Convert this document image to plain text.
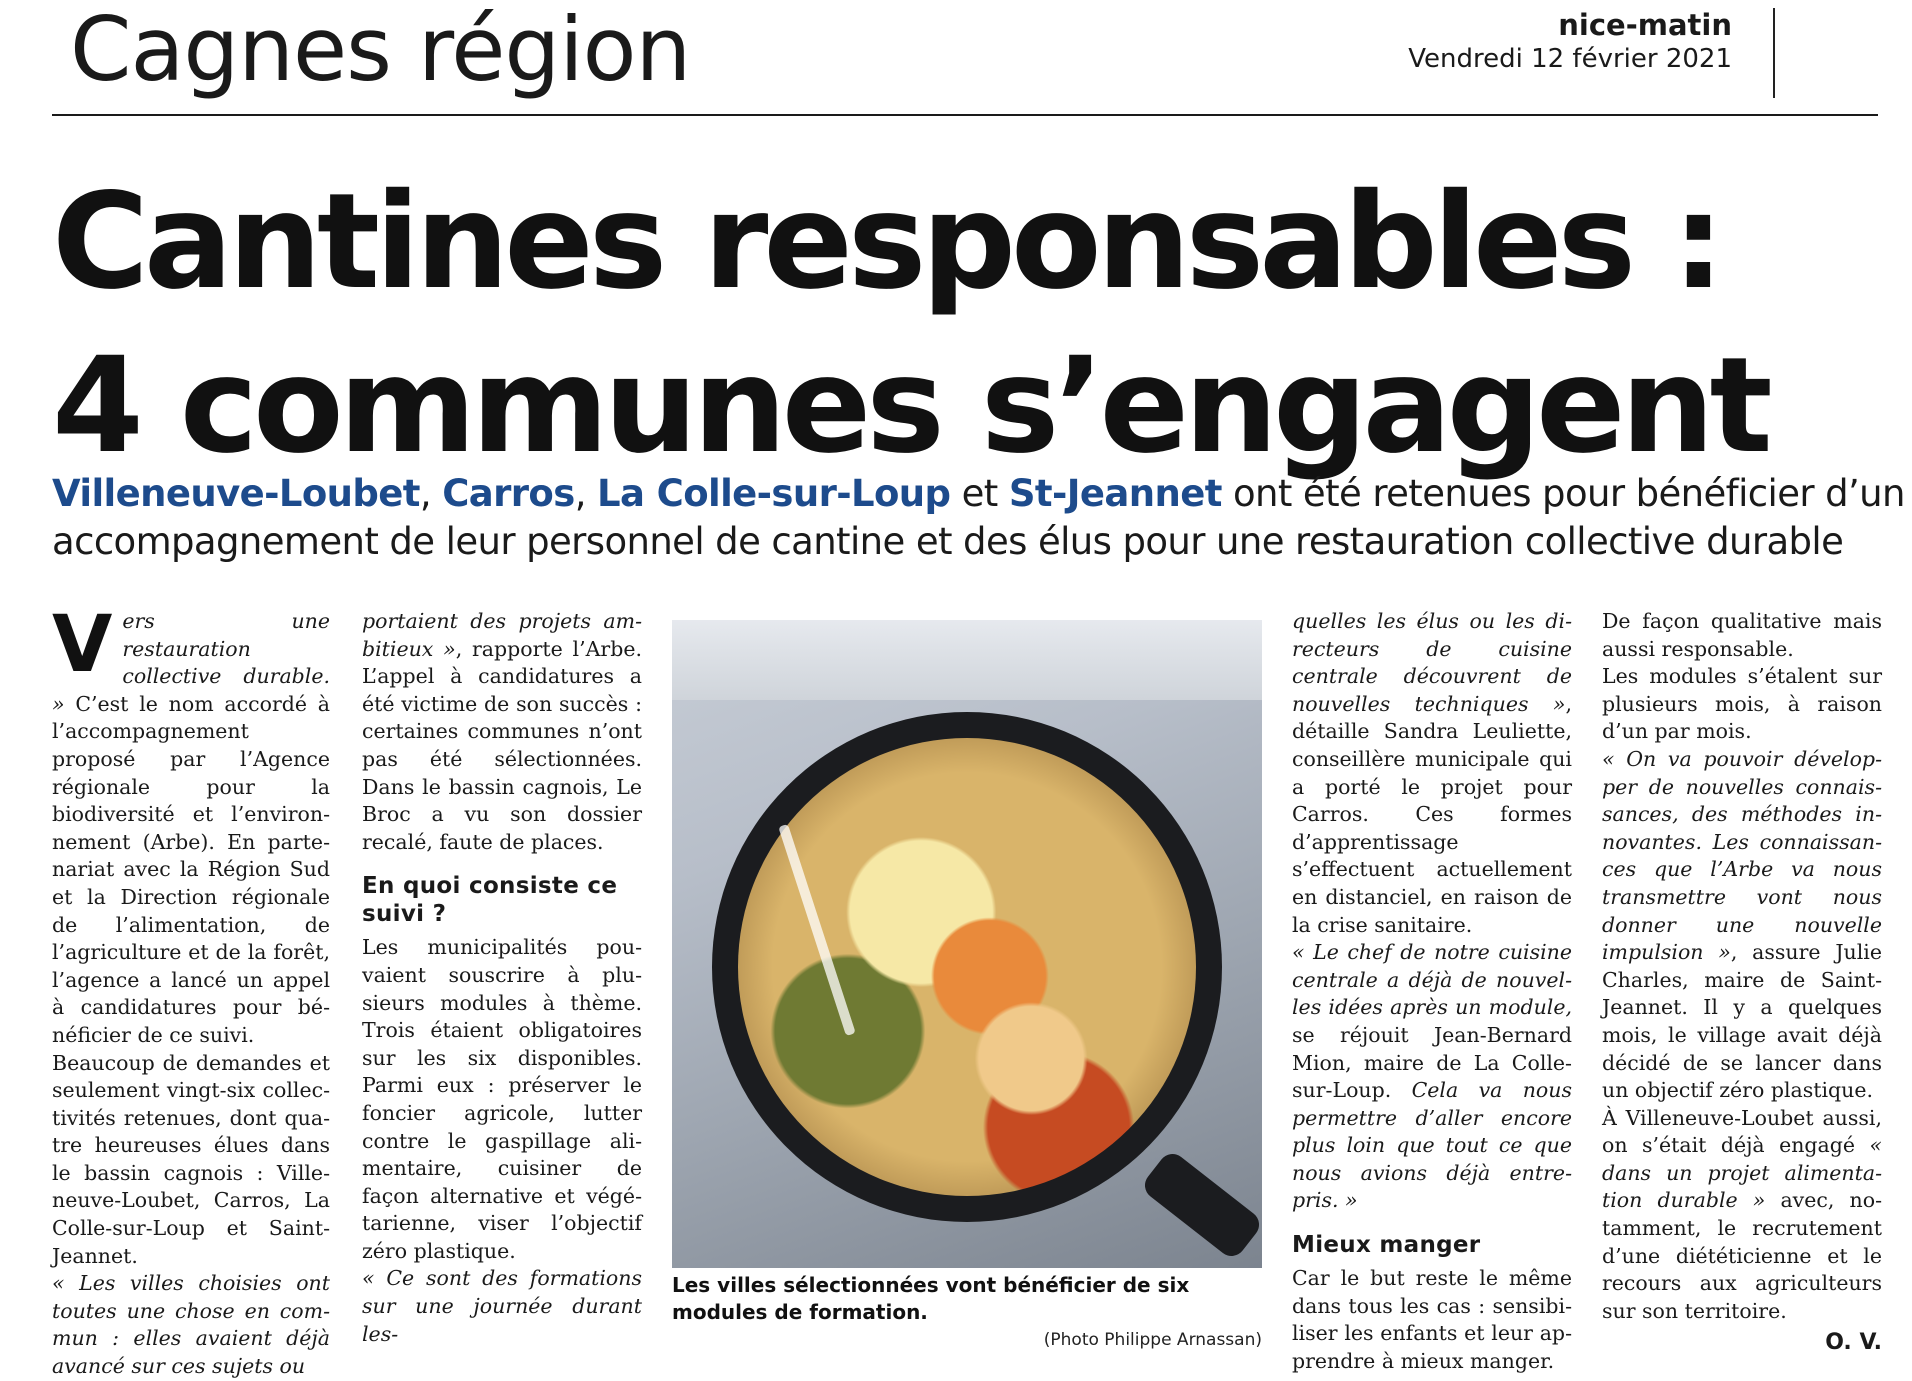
Cagnes région	nice-matin
Vendredi 12 février 2021
Cantines responsables :
4 communes s’engagent
Villeneuve-Loubet, Carros, La Colle-sur-Loup et St-Jeannet ont été retenues pour bénéficier d’un
accompagnement de leur personnel de cantine et des élus pour une restauration collective durable

Vers une restauration collective durable. » C’est le nom accordé à l’accompagnement proposé par l’Agence régionale pour la biodiversité et l’environnement (Arbe). En partenariat avec la Région Sud et la Direction régionale de l’alimentation, de l’agriculture et de la forêt, l’agence a lancé un appel à candidatures pour bénéficier de ce suivi.

Beaucoup de demandes et seulement vingt-six collectivités retenues, dont quatre heureuses élues dans le bassin cagnois : Villeneuve-Loubet, Carros, La Colle-sur-Loup et Saint-Jeannet.

« Les villes choisies ont toutes une chose en commun : elles avaient déjà avancé sur ces sujets ou

portaient des projets ambitieux », rapporte l’Arbe. L’appel à candidatures a été victime de son succès : certaines communes n’ont pas été sélectionnées. Dans le bassin cagnois, Le Broc a vu son dossier recalé, faute de places.

En quoi consiste ce suivi ?

Les municipalités pouvaient souscrire à plusieurs modules à thème. Trois étaient obligatoires sur les six disponibles. Parmi eux : préserver le foncier agricole, lutter contre le gaspillage alimentaire, cuisiner de façon alternative et végétarienne, viser l’objectif zéro plastique.

« Ce sont des formations sur une journée durant les-

Les villes sélectionnées vont bénéficier de six modules de formation.
(Photo Philippe Arnassan)

quelles les élus ou les directeurs de cuisine centrale découvrent de nouvelles techniques », détaille Sandra Leuliette, conseillère municipale qui a porté le projet pour Carros. Ces formes d’apprentissage s’effectuent actuellement en distanciel, en raison de la crise sanitaire.

« Le chef de notre cuisine centrale a déjà de nouvelles idées après un module, se réjouit Jean-Bernard Mion, maire de La Colle-sur-Loup. Cela va nous permettre d’aller encore plus loin que tout ce que nous avions déjà entrepris. »

Mieux manger

Car le but reste le même dans tous les cas : sensibiliser les enfants et leur apprendre à mieux manger.

De façon qualitative mais aussi responsable.

Les modules s’étalent sur plusieurs mois, à raison d’un par mois.

« On va pouvoir développer de nouvelles connaissances, des méthodes innovantes. Les connaissances que l’Arbe va nous transmettre vont nous donner une nouvelle impulsion », assure Julie Charles, maire de Saint-Jeannet. Il y a quelques mois, le village avait déjà décidé de se lancer dans un objectif zéro plastique.

À Villeneuve-Loubet aussi, on s’était déjà engagé « dans un projet alimentation durable » avec, notamment, le recrutement d’une diététicienne et le recours aux agriculteurs sur son territoire.

O. V.
